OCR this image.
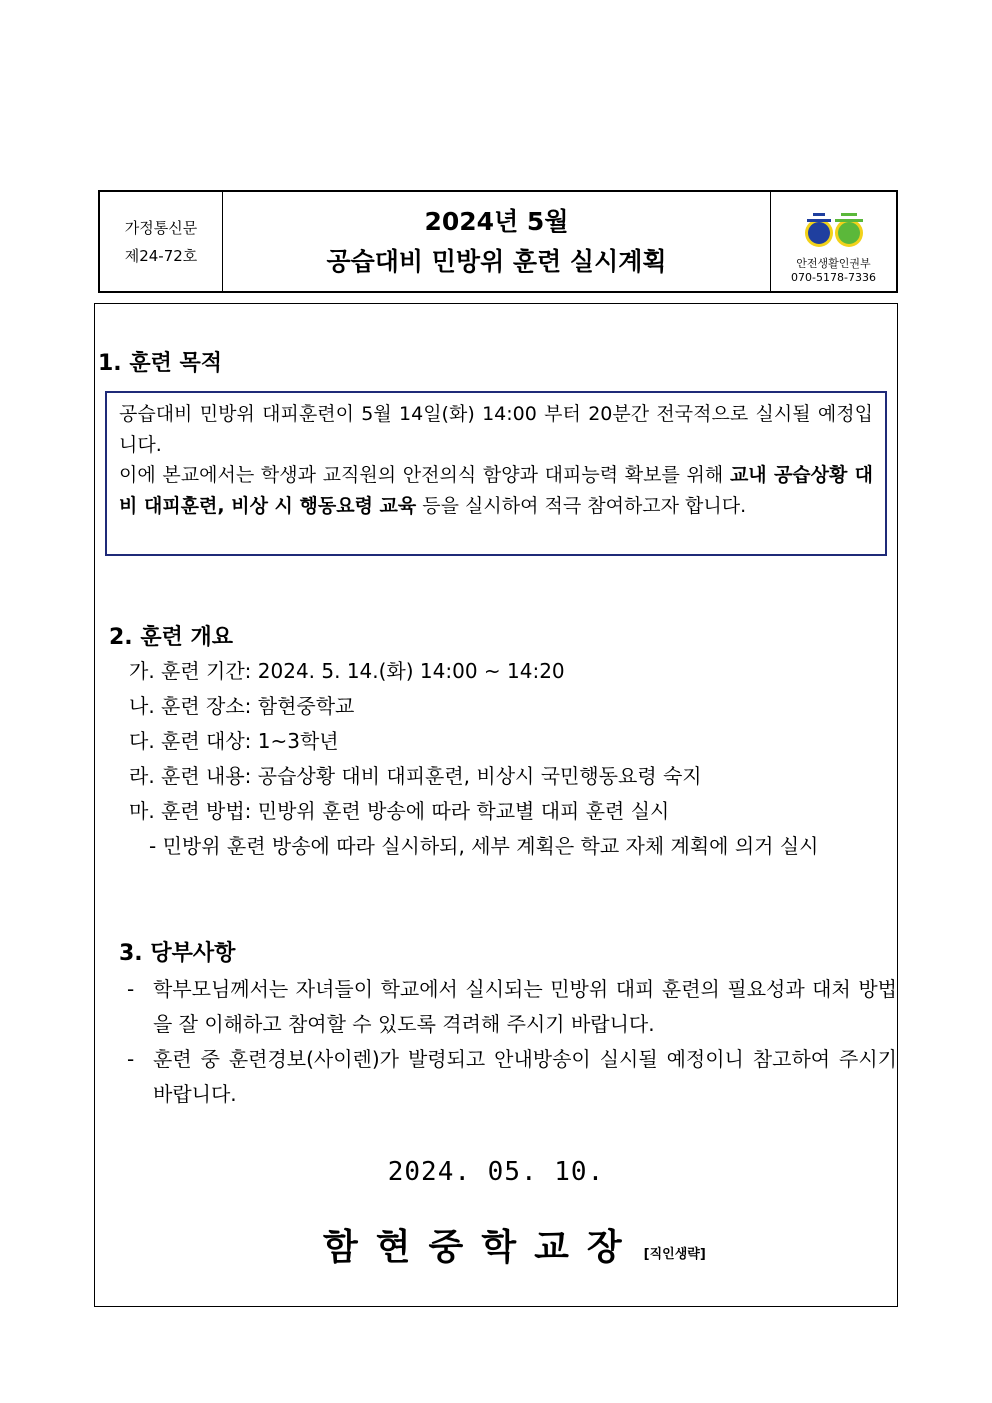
가정통신문
제24-72호
2024년 5월
공습대비 민방위 훈련 실시계획	안전생활인권부
070-5178-7336
1. 훈련 목적
공습대비 민방위 대피훈련이 5월 14일(화) 14:00 부터 20분간 전국적으로 실시될 예정입니다.
이에 본교에서는 학생과 교직원의 안전의식 함양과 대피능력 확보를 위해 교내 공습상황 대비 대피훈련, 비상 시 행동요령 교육 등을 실시하여 적극 참여하고자 합니다.
2. 훈련 개요
가. 훈련 기간: 2024. 5. 14.(화) 14:00 ~ 14:20
나. 훈련 장소: 함현중학교
다. 훈련 대상: 1~3학년
라. 훈련 내용: 공습상황 대비 대피훈련, 비상시 국민행동요령 숙지
마. 훈련 방법: 민방위 훈련 방송에 따라 학교별 대피 훈련 실시
- 민방위 훈련 방송에 따라 실시하되, 세부 계획은 학교 자체 계획에 의거 실시
3. 당부사항
- 학부모님께서는 자녀들이 학교에서 실시되는 민방위 대피 훈련의 필요성과 대처 방법을 잘 이해하고 참여할 수 있도록 격려해 주시기 바랍니다.
- 훈련 중 훈련경보(사이렌)가 발령되고 안내방송이 실시될 예정이니 참고하여 주시기 바랍니다.
2024. 05. 10.
함현중학교장 [직인생략]
